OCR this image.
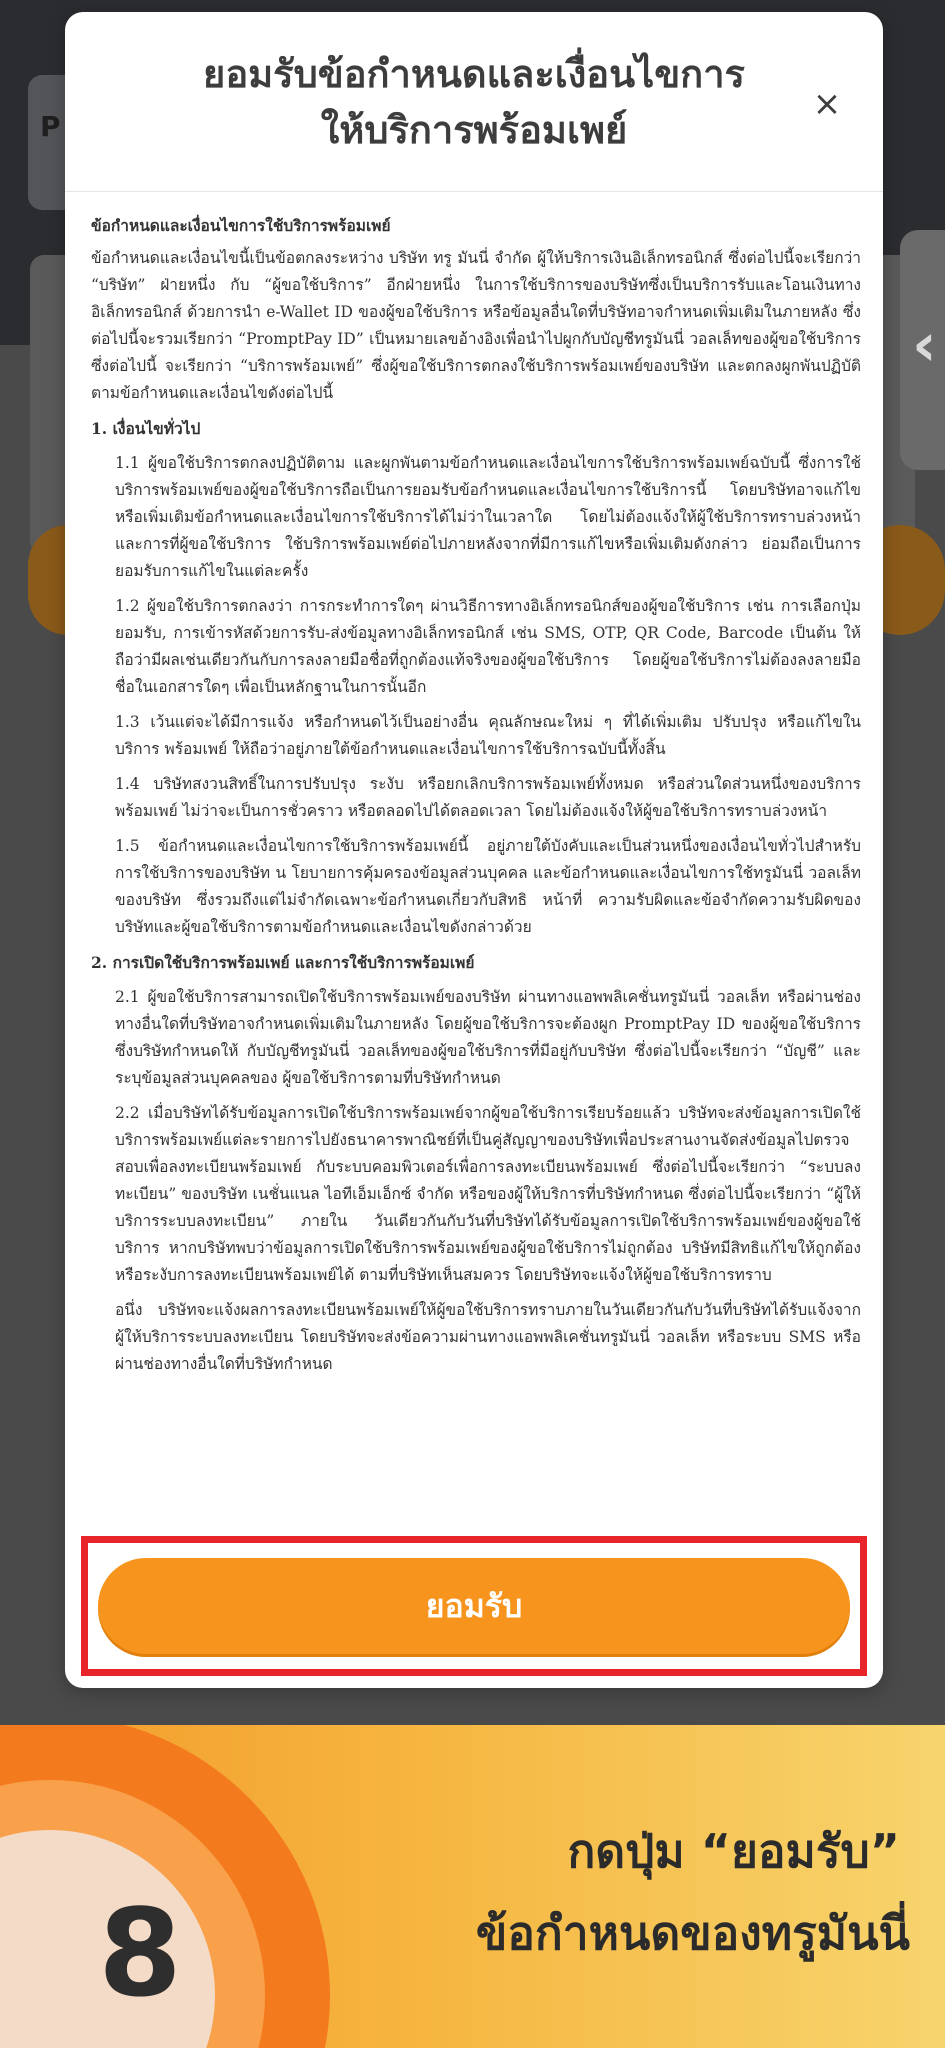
P
‹
ยอมรับข้อกำหนดและเงื่อนไขการให้บริการพร้อมเพย์
×
ข้อกำหนดและเงื่อนไขการใช้บริการพร้อมเพย์
ข้อกำหนดและเงื่อนไขนี้เป็นข้อตกลงระหว่าง บริษัท ทรู มันนี่ จำกัด ผู้ให้บริการเงินอิเล็กทรอนิกส์ ซึ่งต่อไปนี้จะเรียกว่า “บริษัท” ฝ่ายหนึ่ง กับ “ผู้ขอใช้บริการ” อีกฝ่ายหนึ่ง ในการใช้บริการของบริษัทซึ่งเป็นบริการรับและโอนเงินทางอิเล็กทรอนิกส์ ด้วยการนำ e-Wallet ID ของผู้ขอใช้บริการ หรือข้อมูลอื่นใดที่บริษัทอาจกำหนดเพิ่มเติมในภายหลัง ซึ่งต่อไปนี้จะรวมเรียกว่า “PromptPay ID” เป็นหมายเลขอ้างอิงเพื่อนำไปผูกกับบัญชีทรูมันนี่ วอลเล็ทของผู้ขอใช้บริการ ซึ่งต่อไปนี้ จะเรียกว่า “บริการพร้อมเพย์” ซึ่งผู้ขอใช้บริการตกลงใช้บริการพร้อมเพย์ของบริษัท และตกลงผูกพันปฏิบัติตามข้อกำหนดและเงื่อนไขดังต่อไปนี้
1. เงื่อนไขทั่วไป
1.1 ผู้ขอใช้บริการตกลงปฏิบัติตาม และผูกพันตามข้อกำหนดและเงื่อนไขการใช้บริการพร้อมเพย์ฉบับนี้ ซึ่งการใช้บริการพร้อมเพย์ของผู้ขอใช้บริการถือเป็นการยอมรับข้อกำหนดและเงื่อนไขการใช้บริการนี้ โดยบริษัทอาจแก้ไขหรือเพิ่มเติมข้อกำหนดและเงื่อนไขการใช้บริการได้ไม่ว่าในเวลาใด โดยไม่ต้องแจ้งให้ผู้ใช้บริการทราบล่วงหน้า และการที่ผู้ขอใช้บริการ ใช้บริการพร้อมเพย์ต่อไปภายหลังจากที่มีการแก้ไขหรือเพิ่มเติมดังกล่าว ย่อมถือเป็นการยอมรับการแก้ไขในแต่ละครั้ง
1.2 ผู้ขอใช้บริการตกลงว่า การกระทำการใดๆ ผ่านวิธีการทางอิเล็กทรอนิกส์ของผู้ขอใช้บริการ เช่น การเลือกปุ่มยอมรับ, การเข้ารหัสด้วยการรับ-ส่งข้อมูลทางอิเล็กทรอนิกส์ เช่น SMS, OTP, QR Code, Barcode เป็นต้น ให้ถือว่ามีผลเช่นเดียวกันกับการลงลายมือชื่อที่ถูกต้องแท้จริงของผู้ขอใช้บริการ โดยผู้ขอใช้บริการไม่ต้องลงลายมือชื่อในเอกสารใดๆ เพื่อเป็นหลักฐานในการนั้นอีก
1.3 เว้นแต่จะได้มีการแจ้ง หรือกำหนดไว้เป็นอย่างอื่น คุณลักษณะใหม่ ๆ ที่ได้เพิ่มเติม ปรับปรุง หรือแก้ไขในบริการ พร้อมเพย์ ให้ถือว่าอยู่ภายใต้ข้อกำหนดและเงื่อนไขการใช้บริการฉบับนี้ทั้งสิ้น
1.4 บริษัทสงวนสิทธิ์ในการปรับปรุง ระงับ หรือยกเลิกบริการพร้อมเพย์ทั้งหมด หรือส่วนใดส่วนหนึ่งของบริการพร้อมเพย์ ไม่ว่าจะเป็นการชั่วคราว หรือตลอดไปได้ตลอดเวลา โดยไม่ต้องแจ้งให้ผู้ขอใช้บริการทราบล่วงหน้า
1.5 ข้อกำหนดและเงื่อนไขการใช้บริการพร้อมเพย์นี้ อยู่ภายใต้บังคับและเป็นส่วนหนึ่งของเงื่อนไขทั่วไปสำหรับ การใช้บริการของบริษัท น โยบายการคุ้มครองข้อมูลส่วนบุคคล และข้อกำหนดและเงื่อนไขการใช้ทรูมันนี่ วอลเล็ทของบริษัท ซึ่งรวมถึงแต่ไม่จำกัดเฉพาะข้อกำหนดเกี่ยวกับสิทธิ หน้าที่ ความรับผิดและข้อจำกัดความรับผิดของบริษัทและผู้ขอใช้บริการตามข้อกำหนดและเงื่อนไขดังกล่าวด้วย
2. การเปิดใช้บริการพร้อมเพย์ และการใช้บริการพร้อมเพย์
2.1 ผู้ขอใช้บริการสามารถเปิดใช้บริการพร้อมเพย์ของบริษัท ผ่านทางแอพพลิเคชั่นทรูมันนี่ วอลเล็ท หรือผ่านช่องทางอื่นใดที่บริษัทอาจกำหนดเพิ่มเติมในภายหลัง โดยผู้ขอใช้บริการจะต้องผูก PromptPay ID ของผู้ขอใช้บริการซึ่งบริษัทกำหนดให้ กับบัญชีทรูมันนี่ วอลเล็ทของผู้ขอใช้บริการที่มีอยู่กับบริษัท ซึ่งต่อไปนี้จะเรียกว่า “บัญชี” และระบุข้อมูลส่วนบุคคลของ ผู้ขอใช้บริการตามที่บริษัทกำหนด
2.2 เมื่อบริษัทได้รับข้อมูลการเปิดใช้บริการพร้อมเพย์จากผู้ขอใช้บริการเรียบร้อยแล้ว บริษัทจะส่งข้อมูลการเปิดใช้บริการพร้อมเพย์แต่ละรายการไปยังธนาคารพาณิชย์ที่เป็นคู่สัญญาของบริษัทเพื่อประสานงานจัดส่งข้อมูลไปตรวจสอบเพื่อลงทะเบียนพร้อมเพย์ กับระบบคอมพิวเตอร์เพื่อการลงทะเบียนพร้อมเพย์ ซึ่งต่อไปนี้จะเรียกว่า “ระบบลงทะเบียน” ของบริษัท เนชั่นแนล ไอทีเอ็มเอ็กซ์ จำกัด หรือของผู้ให้บริการที่บริษัทกำหนด ซึ่งต่อไปนี้จะเรียกว่า “ผู้ให้บริการระบบลงทะเบียน” ภายใน วันเดียวกันกับวันที่บริษัทได้รับข้อมูลการเปิดใช้บริการพร้อมเพย์ของผู้ขอใช้บริการ หากบริษัทพบว่าข้อมูลการเปิดใช้บริการพร้อมเพย์ของผู้ขอใช้บริการไม่ถูกต้อง บริษัทมีสิทธิแก้ไขให้ถูกต้องหรือระงับการลงทะเบียนพร้อมเพย์ได้ ตามที่บริษัทเห็นสมควร โดยบริษัทจะแจ้งให้ผู้ขอใช้บริการทราบ
อนึ่ง บริษัทจะแจ้งผลการลงทะเบียนพร้อมเพย์ให้ผู้ขอใช้บริการทราบภายในวันเดียวกันกับวันที่บริษัทได้รับแจ้งจาก ผู้ให้บริการระบบลงทะเบียน โดยบริษัทจะส่งข้อความผ่านทางแอพพลิเคชั่นทรูมันนี่ วอลเล็ท หรือระบบ SMS หรือผ่านช่องทางอื่นใดที่บริษัทกำหนด
ยอมรับ
8
กดปุ่ม “ยอมรับ”
ข้อกำหนดของทรูมันนี่
